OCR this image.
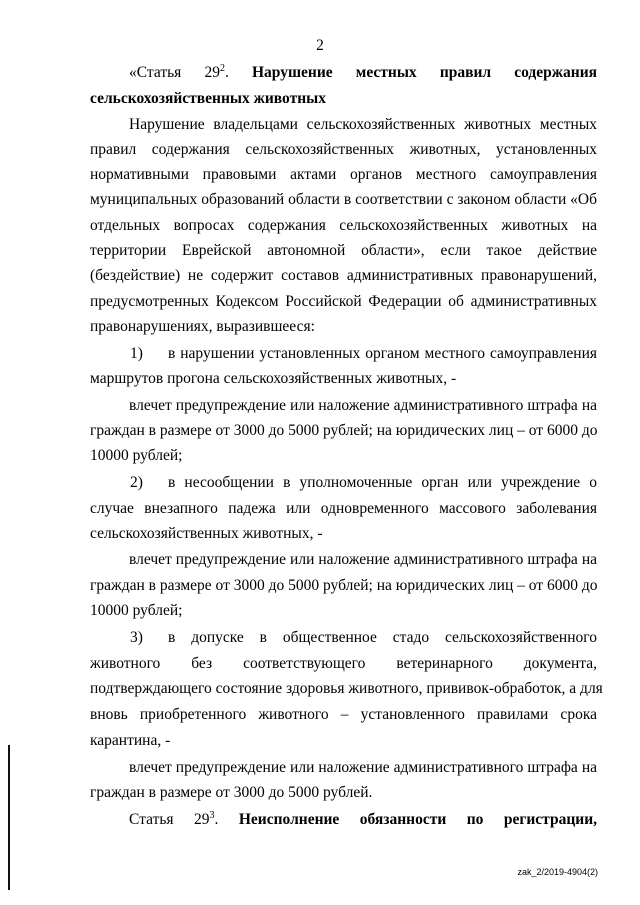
2
«Статья $29^2$. Нарушение местных правил содержания
сельскохозяйственных животных
Нарушение владельцами сельскохозяйственных животных местных
правил содержания сельскохозяйственных животных, установленных
нормативными правовыми актами органов местного самоуправления
муниципальных образований области в соответствии с законом области «Об
отдельных вопросах содержания сельскохозяйственных животных на
территории Еврейской автономной области», если такое действие
(бездействие) не содержит составов административных правонарушений,
предусмотренных Кодексом Российской Федерации об административных
правонарушениях, выразившееся:
1) в нарушении установленных органом местного самоуправления
маршрутов прогона сельскохозяйственных животных, -
влечет предупреждение или наложение административного штрафа на
граждан в размере от 3000 до 5000 рублей; на юридических лиц – от 6000 до
10000 рублей;
2) в несообщении в уполномоченные орган или учреждение о
случае внезапного падежа или одновременного массового заболевания
сельскохозяйственных животных, -
влечет предупреждение или наложение административного штрафа на
граждан в размере от 3000 до 5000 рублей; на юридических лиц – от 6000 до
10000 рублей;
3) в допуске в общественное стадо сельскохозяйственного
животного без соответствующего ветеринарного документа,
подтверждающего состояние здоровья животного, прививок-обработок, а для
вновь приобретенного животного – установленного правилами срока
карантина, -
влечет предупреждение или наложение административного штрафа на
граждан в размере от 3000 до 5000 рублей.
Статья $29^3$. Неисполнение обязанности по регистрации,
zak_2/2019-4904(2)
